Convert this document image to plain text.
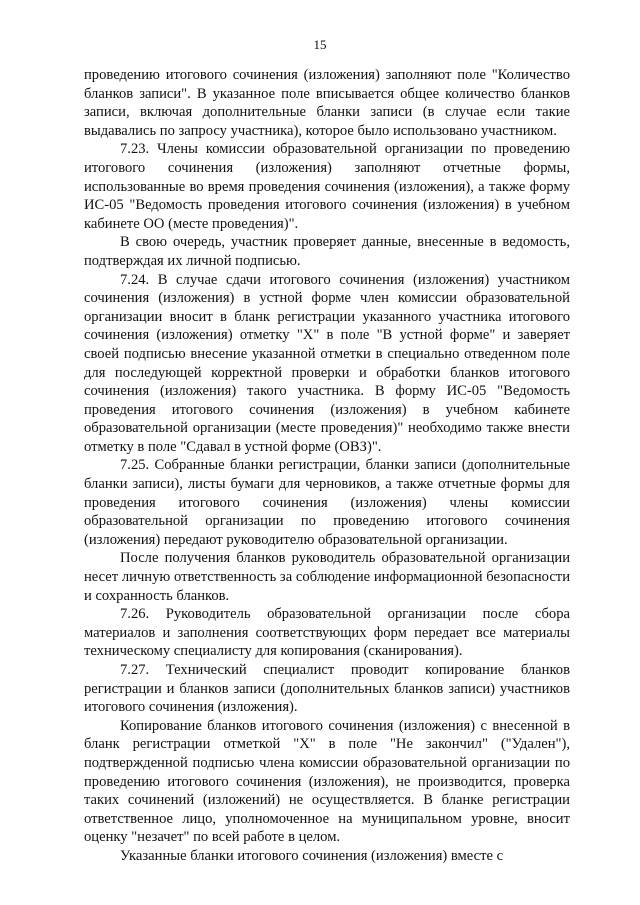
15

проведению итогового сочинения (изложения) заполняют поле "Количество бланков записи". В указанное поле вписывается общее количество бланков записи, включая дополнительные бланки записи (в случае если такие выдавались по запросу участника), которое было использовано участником.

7.23. Члены комиссии образовательной организации по проведению итогового сочинения (изложения) заполняют отчетные формы, использованные во время проведения сочинения (изложения), а также форму ИС-05 "Ведомость проведения итогового сочинения (изложения) в учебном кабинете ОО (месте проведения)".

В свою очередь, участник проверяет данные, внесенные в ведомость, подтверждая их личной подписью.

7.24. В случае сдачи итогового сочинения (изложения) участником сочинения (изложения) в устной форме член комиссии образовательной организации вносит в бланк регистрации указанного участника итогового сочинения (изложения) отметку "X" в поле "В устной форме" и заверяет своей подписью внесение указанной отметки в специально отведенном поле для последующей корректной проверки и обработки бланков итогового сочинения (изложения) такого участника. В форму ИС-05 "Ведомость проведения итогового сочинения (изложения) в учебном кабинете образовательной организации (месте проведения)" необходимо также внести отметку в поле "Сдавал в устной форме (ОВЗ)".

7.25. Собранные бланки регистрации, бланки записи (дополнительные бланки записи), листы бумаги для черновиков, а также отчетные формы для проведения итогового сочинения (изложения) члены комиссии образовательной организации по проведению итогового сочинения (изложения) передают руководителю образовательной организации.

После получения бланков руководитель образовательной организации несет личную ответственность за соблюдение информационной безопасности и сохранность бланков.

7.26. Руководитель образовательной организации после сбора материалов и заполнения соответствующих форм передает все материалы техническому специалисту для копирования (сканирования).

7.27. Технический специалист проводит копирование бланков регистрации и бланков записи (дополнительных бланков записи) участников итогового сочинения (изложения).

Копирование бланков итогового сочинения (изложения) с внесенной в бланк регистрации отметкой "X" в поле "Не закончил" ("Удален"), подтвержденной подписью члена комиссии образовательной организации по проведению итогового сочинения (изложения), не производится, проверка таких сочинений (изложений) не осуществляется. В бланке регистрации ответственное лицо, уполномоченное на муниципальном уровне, вносит оценку "незачет" по всей работе в целом.

Указанные бланки итогового сочинения (изложения) вместе с
